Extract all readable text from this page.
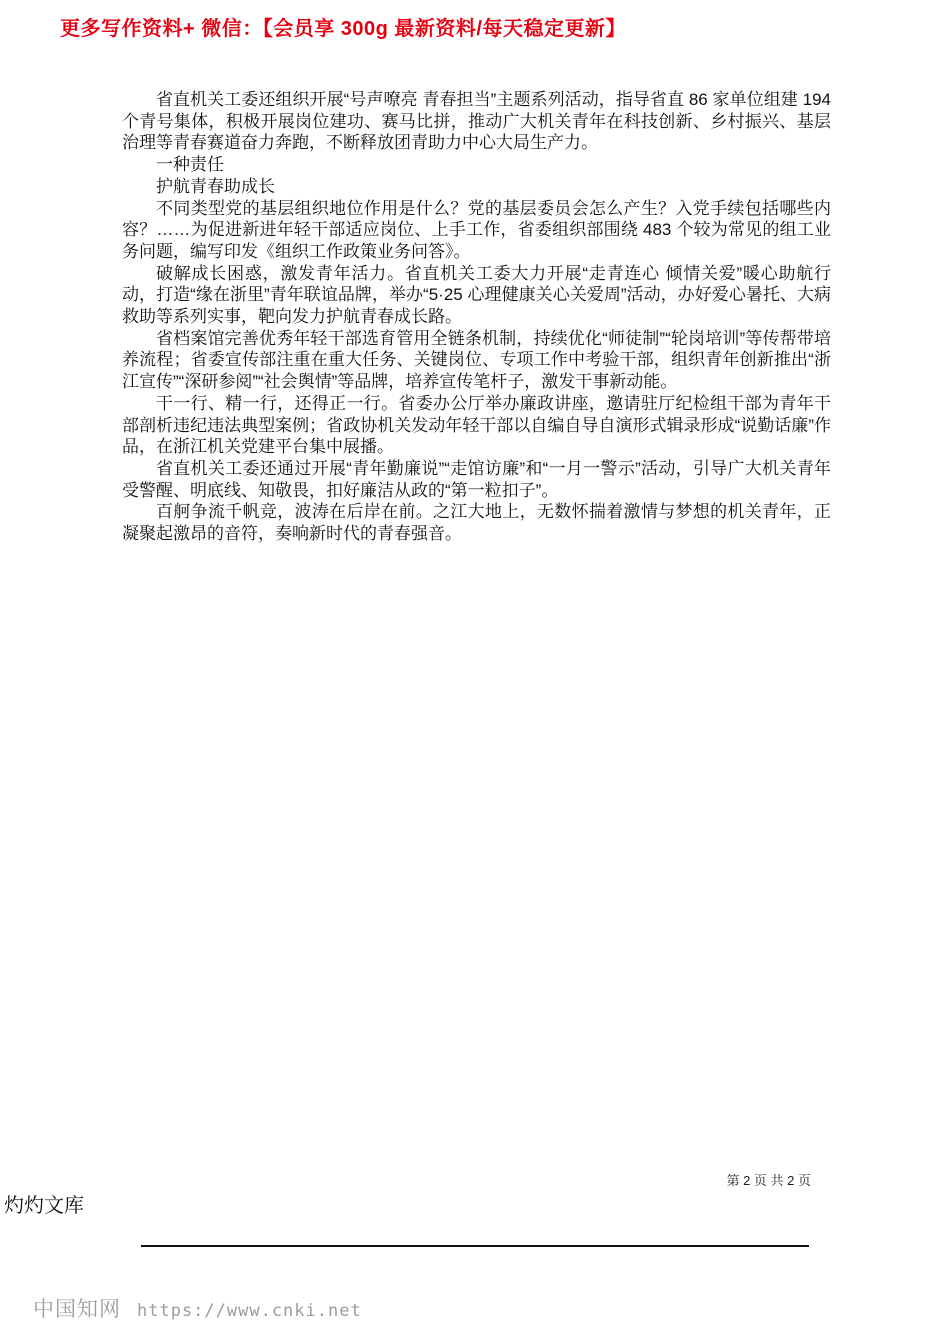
更多写作资料+ 微信：【会员享 300g 最新资料/每天稳定更新】

省直机关工委还组织开展“号声嘹亮 青春担当”主题系列活动，指导省直 86 家单位组建 194 个青号集体，积极开展岗位建功、赛马比拼，推动广大机关青年在科技创新、乡村振兴、基层治理等青春赛道奋力奔跑，不断释放团青助力中心大局生产力。

一种责任

护航青春助成长

不同类型党的基层组织地位作用是什么？党的基层委员会怎么产生？入党手续包括哪些内容？……为促进新进年轻干部适应岗位、上手工作，省委组织部围绕 483 个较为常见的组工业务问题，编写印发《组织工作政策业务问答》。

破解成长困惑，激发青年活力。省直机关工委大力开展“走青连心 倾情关爱”暖心助航行动，打造“缘在浙里”青年联谊品牌，举办“5·25 心理健康关心关爱周”活动，办好爱心暑托、大病救助等系列实事，靶向发力护航青春成长路。

省档案馆完善优秀年轻干部选育管用全链条机制，持续优化“师徒制”“轮岗培训”等传帮带培养流程；省委宣传部注重在重大任务、关键岗位、专项工作中考验干部，组织青年创新推出“浙江宣传”“深研参阅”“社会舆情”等品牌，培养宣传笔杆子，激发干事新动能。

干一行、精一行，还得正一行。省委办公厅举办廉政讲座，邀请驻厅纪检组干部为青年干部剖析违纪违法典型案例；省政协机关发动年轻干部以自编自导自演形式辑录形成“说勤话廉”作品，在浙江机关党建平台集中展播。

省直机关工委还通过开展“青年勤廉说”“走馆访廉”和“一月一警示”活动，引导广大机关青年受警醒、明底线、知敬畏，扣好廉洁从政的“第一粒扣子”。

百舸争流千帆竞，波涛在后岸在前。之江大地上，无数怀揣着激情与梦想的机关青年，正凝聚起激昂的音符，奏响新时代的青春强音。

第 2 页 共 2 页
灼灼文库
中国知网 https://www.cnki.net
